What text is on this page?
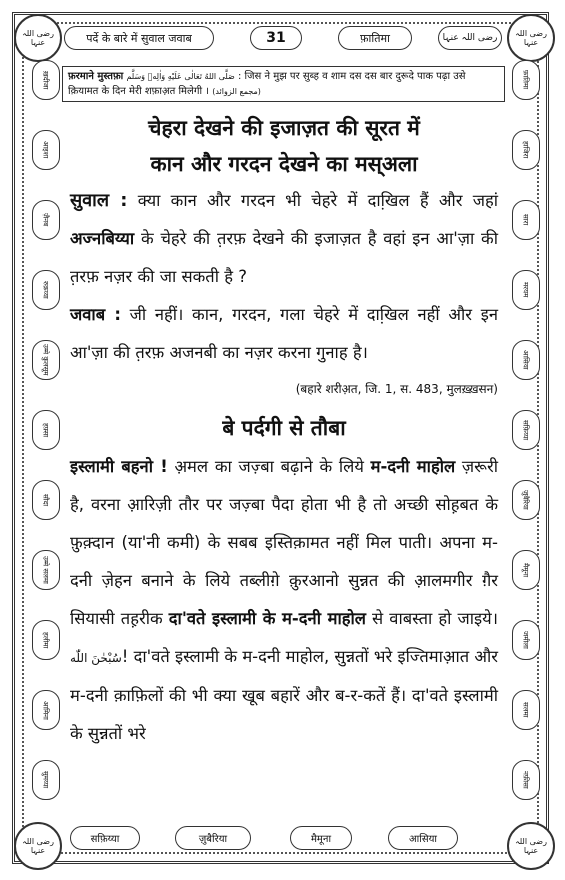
رضی اللہ عنہا
رضی اللہ عنہا
رضی اللہ عنہا
رضی اللہ عنہا
पर्दे के बारे में सुवाल जवाब	31	फ़ातिमा	رضی اللہ عنہا
ख़दीजा
आइशा
ज़ैनब
रुक़य्या
उम्मे कुलसूम
हफ़्सा
सौदा
उम्मे सलमा
हलीमा
आमिना
सुमय्या
फ़ातिमा
हाजिरा
सारा
मरयम
आसिया
सफ़िय्या
ज़ुबैरिया
मैमूना
जमीला
सलमा
नफ़ीसा
फ़रमाने मुस्तफ़ा صَلَّى اللهُ تَعَالٰى عَلَيْهِ وَاٰلِهٖ وَسَلَّم : जिस ने मुझ पर सुब्ह व शाम दस दस बार दुरूदे पाक पढ़ा उसे क़ियामत के दिन मेरी शफ़ाअ़त मिलेगी । (مجمع الزوائد)

चेहरा देखने की इजाज़त की सूरत में

कान और गरदन देखने का मस्अला

सुवाल : क्या कान और गरदन भी चेहरे में दाखि़ल हैं और जहां अज्नबिय्या के चेहरे की त़रफ़ देखने की इजाज़त है वहां इन आ'ज़ा की त़रफ़ नज़र की जा सकती है ?

जवाब : जी नहीं। कान, गरदन, गला चेहरे में दाखि़ल नहीं और इन आ'ज़ा की त़रफ़ अजनबी का नज़र करना गुनाह है।

(बहारे शरीअ़त, जि. 1, स. 483, मुलख़्ख़सन)

बे पर्दगी से तौबा

इस्लामी बहनो ! अ़मल का जज़्बा बढ़ाने के लिये म-दनी माहोल ज़रूरी है, वरना आ़रिज़ी तौर पर जज़्बा पैदा होता भी है तो अच्छी सोह़बत के फ़ुक़्दान (या'नी कमी) के सबब इस्तिक़ामत नहीं मिल पाती। अपना म-दनी ज़ेहन बनाने के लिये तब्लीग़े क़ुरआनो सुन्नत की आ़लमगीर ग़ैर सियासी तह़रीक दा'वते इस्लामी के म-दनी माहोल से वाबस्ता हो जाइये। سُبْحٰنَ اللّٰه! दा'वते इस्लामी के म-दनी माहोल, सुन्नतों भरे इज्तिमाआ़त और म-दनी क़ाफ़िलों की भी क्या खूब बहारें और ब-र-कतें हैं। दा'वते इस्लामी के सुन्नतों भरे

सफ़िय्या	ज़ुबैरिया	मैमूना	आसिया
